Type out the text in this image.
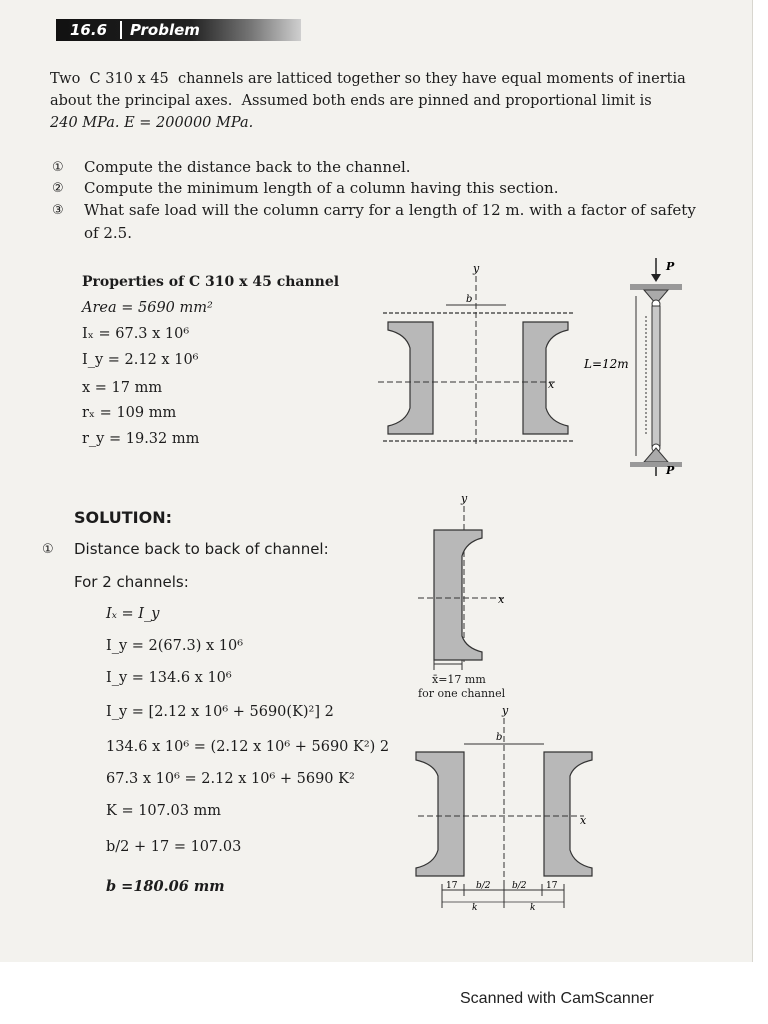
16.6 Problem
Two  C 310 x 45  channels are latticed together so they have equal moments of inertia
about the principal axes.  Assumed both ends are pinned and proportional limit is
240 MPa. E = 200000 MPa.
① Compute the distance back to the channel.
② Compute the minimum length of a column having this section.
③ What safe load will the column carry for a length of 12 m. with a factor of safety
of 2.5.
Properties of C 310 x 45 channel
Area = 5690 mm²
Iₓ = 67.3 x 10⁶
I_y = 2.12 x 10⁶
x = 17 mm
rₓ = 109 mm
r_y = 19.32 mm
SOLUTION:
① Distance back to back of channel:
For 2 channels:
Iₓ = I_y
I_y = 2(67.3) x 10⁶
I_y = 134.6 x 10⁶
I_y = [2.12 x 10⁶ + 5690(K)²] 2
134.6 x 10⁶ = (2.12 x 10⁶ + 5690 K²) 2
67.3 x 10⁶ = 2.12 x 10⁶ + 5690 K²
K = 107.03 mm
b/2 + 17 = 107.03
b =180.06 mm
y
b
x
P
L=12m
P
y
x
x̄=17 mm
for one channel
y
b
x
17 b/2 b/2 17
k	k
Scanned with CamScanner
